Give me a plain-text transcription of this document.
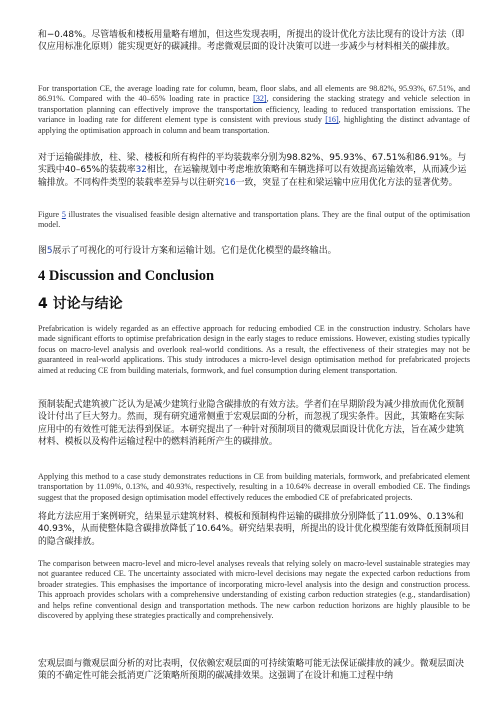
和−0.48%。尽管墙板和楼板用量略有增加，但这些发现表明，所提出的设计优化方法比现有的设计方法（即仅应用标准化原则）能实现更好的碳减排。考虑微观层面的设计决策可以进一步减少与材料相关的碳排放。

For transportation CE, the average loading rate for column, beam, floor slabs, and all elements are 98.82%, 95.93%, 67.51%, and 86.91%. Compared with the 40–65% loading rate in practice [32], considering the stacking strategy and vehicle selection in transportation planning can effectively improve the transportation efficiency, leading to reduced transportation emissions. The variance in loading rate for different element type is consistent with previous study [16], highlighting the distinct advantage of applying the optimisation approach in column and beam transportation.

对于运输碳排放，柱、梁、楼板和所有构件的平均装载率分别为98.82%、95.93%、67.51%和86.91%。与实践中40–65%的装载率32相比，在运输规划中考虑堆放策略和车辆选择可以有效提高运输效率，从而减少运输排放。不同构件类型的装载率差异与以往研究16一致，突显了在柱和梁运输中应用优化方法的显著优势。

Figure 5 illustrates the visualised feasible design alternative and transportation plans. They are the final output of the optimisation model.

图5展示了可视化的可行设计方案和运输计划。它们是优化模型的最终输出。

4 Discussion and Conclusion
4 讨论与结论

Prefabrication is widely regarded as an effective approach for reducing embodied CE in the construction industry. Scholars have made significant efforts to optimise prefabrication design in the early stages to reduce emissions. However, existing studies typically focus on macro-level analysis and overlook real-world conditions. As a result, the effectiveness of their strategies may not be guaranteed in real-world applications. This study introduces a micro-level design optimisation method for prefabricated projects aimed at reducing CE from building materials, formwork, and fuel consumption during element transportation.

预制装配式建筑被广泛认为是减少建筑行业隐含碳排放的有效方法。学者们在早期阶段为减少排放而优化预制设计付出了巨大努力。然而，现有研究通常侧重于宏观层面的分析，而忽视了现实条件。因此，其策略在实际应用中的有效性可能无法得到保证。本研究提出了一种针对预制项目的微观层面设计优化方法，旨在减少建筑材料、模板以及构件运输过程中的燃料消耗所产生的碳排放。

Applying this method to a case study demonstrates reductions in CE from building materials, formwork, and prefabricated element transportation by 11.09%, 0.13%, and 40.93%, respectively, resulting in a 10.64% decrease in overall embodied CE. The findings suggest that the proposed design optimisation model effectively reduces the embodied CE of prefabricated projects.

将此方法应用于案例研究，结果显示建筑材料、模板和预制构件运输的碳排放分别降低了11.09%、0.13%和40.93%，从而使整体隐含碳排放降低了10.64%。研究结果表明，所提出的设计优化模型能有效降低预制项目的隐含碳排放。

The comparison between macro-level and micro-level analyses reveals that relying solely on macro-level sustainable strategies may not guarantee reduced CE. The uncertainty associated with micro-level decisions may negate the expected carbon reductions from broader strategies. This emphasises the importance of incorporating micro-level analysis into the design and construction process. This approach provides scholars with a comprehensive understanding of existing carbon reduction strategies (e.g., standardisation) and helps refine conventional design and transportation methods. The new carbon reduction horizons are highly plausible to be discovered by applying these strategies practically and comprehensively.

宏观层面与微观层面分析的对比表明，仅依赖宏观层面的可持续策略可能无法保证碳排放的减少。微观层面决策的不确定性可能会抵消更广泛策略所预期的碳减排效果。这强调了在设计和施工过程中纳
